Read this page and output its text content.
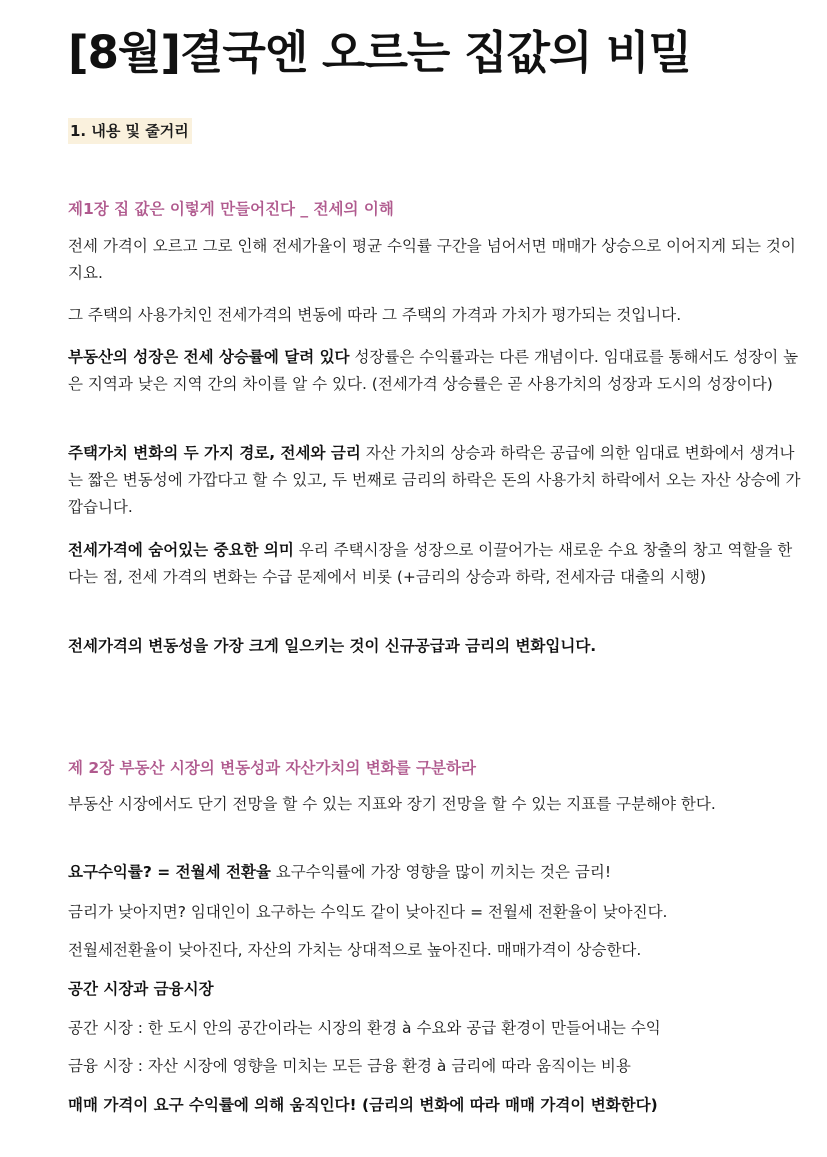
[8월]결국엔 오르는 집값의 비밀
1. 내용 및 줄거리
제1장 집 값은 이렇게 만들어진다 _ 전세의 이해

전세 가격이 오르고 그로 인해 전세가율이 평균 수익률 구간을 넘어서면 매매가 상승으로 이어지게 되는 것이지요.

그 주택의 사용가치인 전세가격의 변동에 따라 그 주택의 가격과 가치가 평가되는 것입니다.

부동산의 성장은 전세 상승률에 달려 있다 성장률은 수익률과는 다른 개념이다. 임대료를 통해서도 성장이 높은 지역과 낮은 지역 간의 차이를 알 수 있다. (전세가격 상승률은 곧 사용가치의 성장과 도시의 성장이다)

주택가치 변화의 두 가지 경로, 전세와 금리 자산 가치의 상승과 하락은 공급에 의한 임대료 변화에서 생겨나는 짧은 변동성에 가깝다고 할 수 있고, 두 번째로 금리의 하락은 돈의 사용가치 하락에서 오는 자산 상승에 가깝습니다.

전세가격에 숨어있는 중요한 의미 우리 주택시장을 성장으로 이끌어가는 새로운 수요 창출의 창고 역할을 한다는 점, 전세 가격의 변화는 수급 문제에서 비롯 (+금리의 상승과 하락, 전세자금 대출의 시행)

전세가격의 변동성을 가장 크게 일으키는 것이 신규공급과 금리의 변화입니다.

제 2장 부동산 시장의 변동성과 자산가치의 변화를 구분하라

부동산 시장에서도 단기 전망을 할 수 있는 지표와 장기 전망을 할 수 있는 지표를 구분해야 한다.

요구수익률? = 전월세 전환율 요구수익률에 가장 영향을 많이 끼치는 것은 금리!

금리가 낮아지면? 임대인이 요구하는 수익도 같이 낮아진다 = 전월세 전환율이 낮아진다.

전월세전환율이 낮아진다, 자산의 가치는 상대적으로 높아진다. 매매가격이 상승한다.

공간 시장과 금융시장

공간 시장 : 한 도시 안의 공간이라는 시장의 환경 à 수요와 공급 환경이 만들어내는 수익

금융 시장 : 자산 시장에 영향을 미치는 모든 금융 환경 à 금리에 따라 움직이는 비용

매매 가격이 요구 수익률에 의해 움직인다! (금리의 변화에 따라 매매 가격이 변화한다)
